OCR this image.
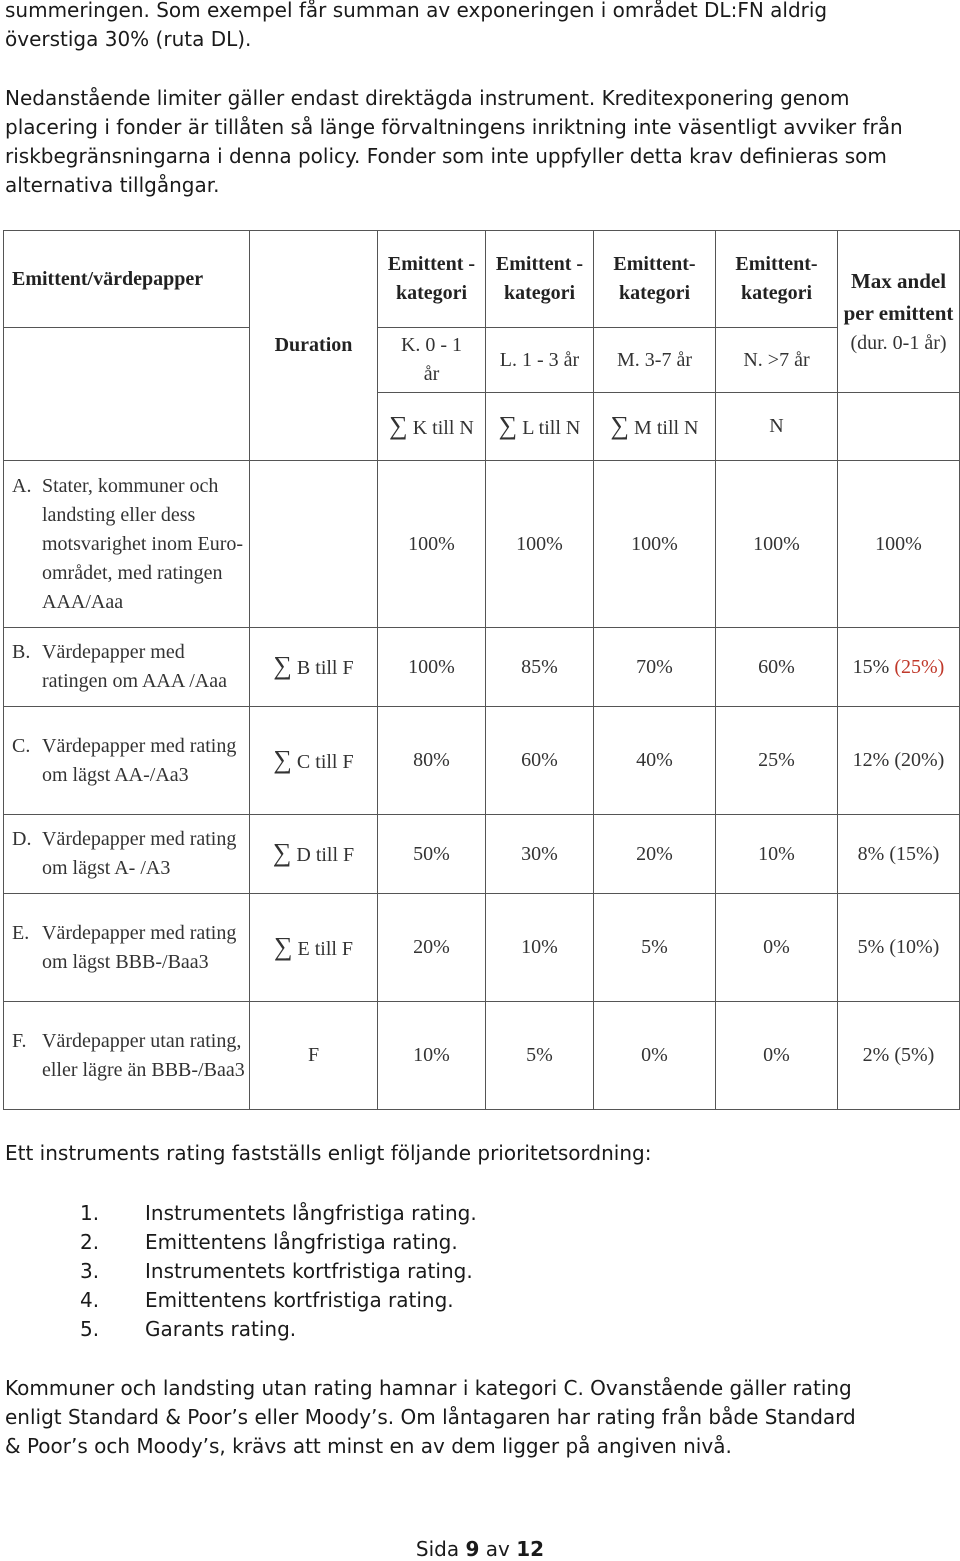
summeringen. Som exempel får summan av exponeringen i området DL:FN aldrig
överstiga 30% (ruta DL).
Nedanstående limiter gäller endast direktägda instrument. Kreditexponering genom placering i fonder är tillåten så länge förvaltningens inriktning inte väsentligt avviker från riskbegränsningarna i denna policy. Fonder som inte uppfyller detta krav definieras som alternativa tillgångar.
Emittent/värdepapper	Duration	Emittent -kategori	Emittent -kategori	Emittent-kategori	Emittent-kategori	Max andel per emittent
(dur. 0-1 år)

		K. 0 - 1 år	L. 1 - 3 år	M. 3-7 år	N. >7 år	
		∑ K till N	∑ L till N	∑ M till N	N	

A. Stater, kommuner och landsting eller dess motsvarighet inom Euro-området, med ratingen AAA/Aaa		100%	100%	100%	100%	100%

B. Värdepapper med ratingen om AAA /Aaa	∑ B till F	100%	85%	70%	60%	15% (25%)

C. Värdepapper med rating om lägst AA-/Aa3	∑ C till F	80%	60%	40%	25%	12% (20%)

D. Värdepapper med rating om lägst A- /A3	∑ D till F	50%	30%	20%	10%	8% (15%)

E. Värdepapper med rating om lägst BBB-/Baa3	∑ E till F	20%	10%	5%	0%	5% (10%)

F. Värdepapper utan rating, eller lägre än BBB-/Baa3	F	10%	5%	0%	0%	2% (5%)
Ett instruments rating fastställs enligt följande prioritetsordning:
1.	Instrumentets långfristiga rating.
2.	Emittentens långfristiga rating.
3.	Instrumentets kortfristiga rating.
4.	Emittentens kortfristiga rating.
5.	Garants rating.
Kommuner och landsting utan rating hamnar i kategori C. Ovanstående gäller rating enligt Standard & Poor’s eller Moody’s. Om låntagaren har rating från både Standard & Poor’s och Moody’s, krävs att minst en av dem ligger på angiven nivå.
Sida 9 av 12
